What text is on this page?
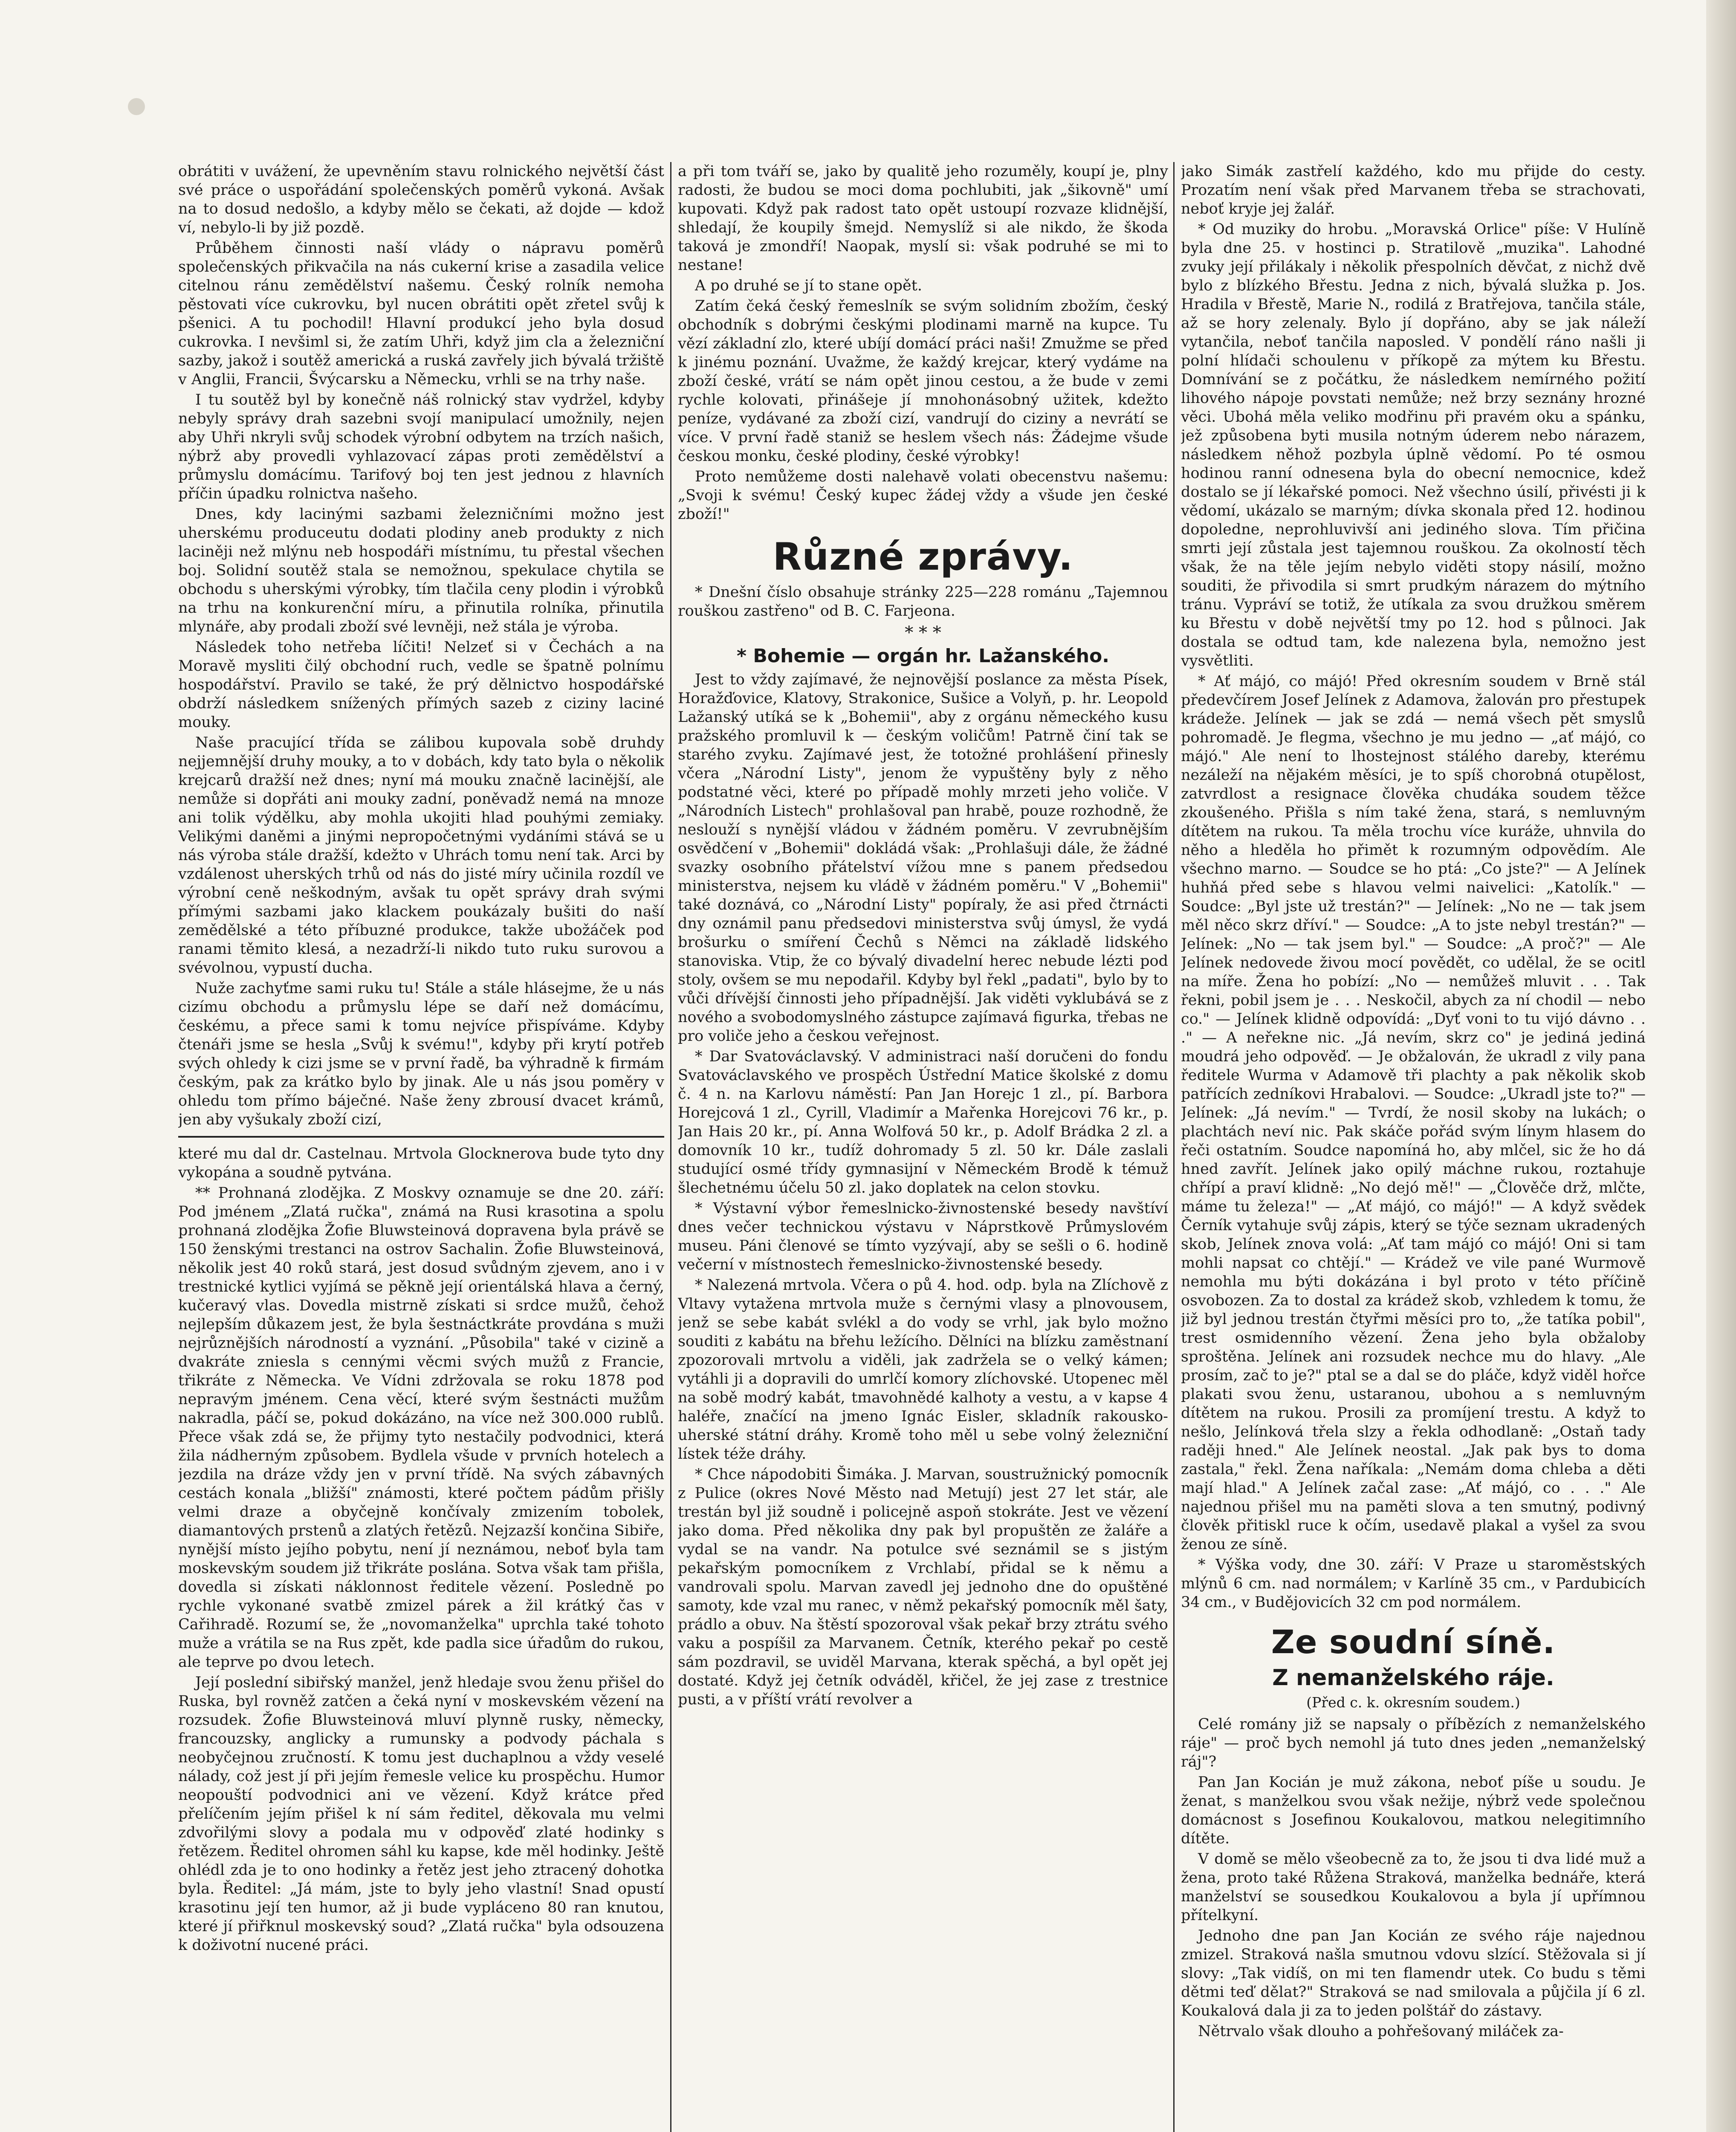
obrátiti v uvážení, že upevněním stavu rolnického největší část své práce o uspořádání společenských poměrů vykoná. Avšak na to dosud nedošlo, a kdyby mělo se čekati, až dojde — kdož ví, nebylo-li by již pozdě.

Průběhem činnosti naší vlády o nápravu poměrů společenských přikvačila na nás cukerní krise a zasadila velice citelnou ránu zemědělství našemu. Český rolník nemoha pěstovati více cukrovku, byl nucen obrátiti opět zřetel svůj k pšenici. A tu pochodil! Hlavní produkcí jeho byla dosud cukrovka. I nevšiml si, že zatím Uhři, když jim cla a železniční sazby, jakož i soutěž americká a ruská zavřely jich bývalá tržiště v Anglii, Francii, Švýcarsku a Německu, vrhli se na trhy naše.

I tu soutěž byl by konečně náš rolnický stav vydržel, kdyby nebyly správy drah sazebni svojí manipulací umožnily, nejen aby Uhři nkryli svůj schodek výrobní odbytem na trzích našich, nýbrž aby provedli vyhlazovací zápas proti zemědělství a průmyslu domácímu. Tarifový boj ten jest jednou z hlavních příčin úpadku rolnictva našeho.

Dnes, kdy lacinými sazbami železničními možno jest uherskému produceutu dodati plodiny aneb produkty z nich laciněji než mlýnu neb hospodáři místnímu, tu přestal všechen boj. Solidní soutěž stala se nemožnou, spekulace chytila se obchodu s uherskými výrobky, tím tlačila ceny plodin i výrobků na trhu na konkurenční míru, a přinutila rolníka, přinutila mlynáře, aby prodali zboží své levněji, než stála je výroba.

Následek toho netřeba líčiti! Nelzeť si v Čechách a na Moravě mysliti čilý obchodní ruch, vedle se špatně polnímu hospodářství. Pravilo se také, že prý dělnictvo hospodářské obdrží následkem snížených přímých sazeb z ciziny laciné mouky.

Naše pracující třída se zálibou kupovala sobě druhdy nejjemnější druhy mouky, a to v dobách, kdy tato byla o několik krejcarů dražší než dnes; nyní má mouku značně lacinější, ale nemůže si dopřáti ani mouky zadní, poněvadž nemá na mnoze ani tolik výdělku, aby mohla ukojiti hlad pouhými zemiaky. Velikými daněmi a jinými nepropočetnými vydáními stává se u nás výroba stále dražší, kdežto v Uhrách tomu není tak. Arci by vzdálenost uherských trhů od nás do jisté míry učinila rozdíl ve výrobní ceně neškodným, avšak tu opět správy drah svými přímými sazbami jako klackem poukázaly bušiti do naší zemědělské a této příbuzné produkce, takže ubožáček pod ranami těmito klesá, a nezadrží-li nikdo tuto ruku surovou a svévolnou, vypustí ducha.

Nuže zachyťme sami ruku tu! Stále a stále hlásejme, že u nás cizímu obchodu a průmyslu lépe se daří než domácímu, českému, a přece sami k tomu nejvíce přispíváme. Kdyby čtenáři jsme se hesla „Svůj k svému!", kdyby při krytí potřeb svých ohledy k cizi jsme se v první řadě, ba výhradně k firmám českým, pak za krátko bylo by jinak. Ale u nás jsou poměry v ohledu tom přímo báječné. Naše ženy zbrousí dvacet krámů, jen aby vyšukaly zboží cizí,

které mu dal dr. Castelnau. Mrtvola Glocknerova bude tyto dny vykopána a soudně pytvána.

** Prohnaná zlodějka. Z Moskvy oznamuje se dne 20. září: Pod jménem „Zlatá ručka", známá na Rusi krasotina a spolu prohnaná zlodějka Žofie Bluwsteinová dopravena byla právě se 150 ženskými trestanci na ostrov Sachalin. Žofie Bluwsteinová, několik jest 40 roků stará, jest dosud svůdným zjevem, ano i v trestnické kytlici vyjímá se pěkně její orientálská hlava a černý, kučeravý vlas. Dovedla mistrně získati si srdce mužů, čehož nejlepším důkazem jest, že byla šestnáctkráte provdána s muži nejrůznějších národností a vyznání. „Působila" také v cizině a dvakráte zniesla s cennými věcmi svých mužů z Francie, třikráte z Německa. Ve Vídni zdržovala se roku 1878 pod nepravým jménem. Cena věcí, které svým šestnácti mužům nakradla, páčí se, pokud dokázáno, na více než 300.000 rublů. Přece však zdá se, že přijmy tyto nestačily podvodnici, která žila nádherným způsobem. Bydlela všude v prvních hotelech a jezdila na dráze vždy jen v první třídě. Na svých zábavných cestách konala „bližší" známosti, které počtem pádům přišly velmi draze a obyčejně končívaly zmizením tobolek, diamantových prstenů a zlatých řetězů. Nejzazší končina Sibiře, nynější místo jejího pobytu, není jí neznámou, neboť byla tam moskevským soudem již třikráte poslána. Sotva však tam přišla, dovedla si získati náklonnost ředitele vězení. Posledně po rychle vykonané svatbě zmizel párek a žil krátký čas v Cařihradě. Rozumí se, že „novomanželka" uprchla také tohoto muže a vrátila se na Rus zpět, kde padla sice úřadům do rukou, ale teprve po dvou letech.

Její poslední sibiřský manžel, jenž hledaje svou ženu přišel do Ruska, byl rovněž zatčen a čeká nyní v moskevském vězení na rozsudek. Žofie Bluwsteinová mluví plynně rusky, německy, francouzsky, anglicky a rumunsky a podvody páchala s neobyčejnou zručností. K tomu jest duchaplnou a vždy veselé nálady, což jest jí při jejím řemesle velice ku prospěchu. Humor neopouští podvodnici ani ve vězení. Když krátce před přelíčením jejím přišel k ní sám ředitel, děkovala mu velmi zdvořilými slovy a podala mu v odpověď zlaté hodinky s řetězem. Ředitel ohromen sáhl ku kapse, kde měl hodinky. Ještě ohlédl zda je to ono hodinky a řetěz jest jeho ztracený dohotka byla. Ředitel: „Já mám, jste to byly jeho vlastní! Snad opustí krasotinu její ten humor, až ji bude vypláceno 80 ran knutou, které jí přiřknul moskevský soud? „Zlatá ručka" byla odsouzena k doživotní nucené práci.

a při tom tváří se, jako by qualitě jeho rozuměly, koupí je, plny radosti, že budou se moci doma pochlubiti, jak „šikovně" umí kupovati. Když pak radost tato opět ustoupí rozvaze klidnější, shledají, že koupily šmejd. Nemyslíž si ale nikdo, že škoda taková je zmondří! Naopak, myslí si: však podruhé se mi to nestane!

A po druhé se jí to stane opět.

Zatím čeká český řemeslník se svým solidním zbožím, český obchodník s dobrými českými plodinami marně na kupce. Tu vězí základní zlo, které ubíjí domácí práci naši! Zmužme se před k jinému poznání. Uvažme, že každý krejcar, který vydáme na zboží české, vrátí se nám opět jinou cestou, a že bude v zemi rychle kolovati, přinášeje jí mnohonásobný užitek, kdežto peníze, vydávané za zboží cizí, vandrují do ciziny a nevrátí se více. V první řadě staniž se heslem všech nás: Žádejme všude českou monku, české plodiny, české výrobky!

Proto nemůžeme dosti nalehavě volati obecenstvu našemu: „Svoji k svému! Český kupec žádej vždy a všude jen české zboží!"

Různé zprávy.

* Dnešní číslo obsahuje stránky 225—228 románu „Tajemnou rouškou zastřeno" od B. C. Farjeona.

* * *
* Bohemie — orgán hr. Lažanského.

Jest to vždy zajímavé, že nejnovější poslance za města Písek, Horažďovice, Klatovy, Strakonice, Sušice a Volyň, p. hr. Leopold Lažanský utíká se k „Bohemii", aby z orgánu německého kusu pražského promluvil k — českým voličům! Patrně činí tak se starého zvyku. Zajímavé jest, že totožné prohlášení přinesly včera „Národní Listy", jenom že vypuštěny byly z něho podstatné věci, které po případě mohly mrzeti jeho voliče. V „Národních Listech" prohlašoval pan hrabě, pouze rozhodně, že neslouží s nynější vládou v žádném poměru. V zevrubnějším osvědčení v „Bohemii" dokládá však: „Prohlašuji dále, že žádné svazky osobního přátelství vížou mne s panem předsedou ministerstva, nejsem ku vládě v žádném poměru." V „Bohemii" také doznává, co „Národní Listy" popíraly, že asi před čtrnácti dny oznámil panu předsedovi ministerstva svůj úmysl, že vydá brošurku o smíření Čechů s Němci na základě lidského stanoviska. Vtip, že co bývalý divadelní herec nebude lézti pod stoly, ovšem se mu nepodařil. Kdyby byl řekl „padati", bylo by to vůči dřívější činnosti jeho případnější. Jak viděti vyklubává se z nového a svobodomyslného zástupce zajímavá figurka, třebas ne pro voliče jeho a českou veřejnost.

* Dar Svatováclavský. V administraci naší doručeni do fondu Svatováclavského ve prospěch Ústřední Matice školské z domu č. 4 n. na Karlovu náměstí: Pan Jan Horejc 1 zl., pí. Barbora Horejcová 1 zl., Cyrill, Vladimír a Mařenka Horejcovi 76 kr., p. Jan Hais 20 kr., pí. Anna Wolfová 50 kr., p. Adolf Brádka 2 zl. a domovník 10 kr., tudíž dohromady 5 zl. 50 kr. Dále zaslali studující osmé třídy gymnasijní v Německém Brodě k témuž šlechetnému účelu 50 zl. jako doplatek na celon stovku.

* Výstavní výbor řemeslnicko-živnostenské besedy navštíví dnes večer technickou výstavu v Náprstkově Průmyslovém museu. Páni členové se tímto vyzývají, aby se sešli o 6. hodině večerní v místnostech řemeslnicko-živnostenské besedy.

* Nalezená mrtvola. Včera o pů 4. hod. odp. byla na Zlíchově z Vltavy vytažena mrtvola muže s černými vlasy a plnovousem, jenž se sebe kabát svlékl a do vody se vrhl, jak bylo možno souditi z kabátu na břehu ležícího. Dělníci na blízku zaměstnaní zpozorovali mrtvolu a viděli, jak zadržela se o velký kámen; vytáhli ji a dopravili do umrlčí komory zlíchovské. Utopenec měl na sobě modrý kabát, tmavohnědé kalhoty a vestu, a v kapse 4 haléře, značící na jmeno Ignác Eisler, skladník rakousko-uherské státní dráhy. Kromě toho měl u sebe volný železniční lístek téže dráhy.

* Chce nápodobiti Šimáka. J. Marvan, soustružnický pomocník z Pulice (okres Nové Město nad Metují) jest 27 let stár, ale trestán byl již soudně i policejně aspoň stokráte. Jest ve vězení jako doma. Před několika dny pak byl propuštěn ze žaláře a vydal se na vandr. Na potulce své seznámil se s jistým pekařským pomocníkem z Vrchlabí, přidal se k němu a vandrovali spolu. Marvan zavedl jej jednoho dne do opuštěné samoty, kde vzal mu ranec, v němž pekařský pomocník měl šaty, prádlo a obuv. Na štěstí spozoroval však pekař brzy ztrátu svého vaku a pospíšil za Marvanem. Četník, kterého pekař po cestě sám pozdravil, se uviděl Marvana, kterak spěchá, a byl opět jej dostaté. Když jej četník odváděl, křičel, že jej zase z trestnice pusti, a v příští vrátí revolver a

jako Simák zastřelí každého, kdo mu přijde do cesty. Prozatím není však před Marvanem třeba se strachovati, neboť kryje jej žalář.

* Od muziky do hrobu. „Moravská Orlice" píše: V Hulíně byla dne 25. v hostinci p. Stratilově „muzika". Lahodné zvuky její přilákaly i několik přespolních děvčat, z nichž dvě bylo z blízkého Břestu. Jedna z nich, bývalá služka p. Jos. Hradila v Břestě, Marie N., rodilá z Bratřejova, tančila stále, až se hory zelenaly. Bylo jí dopřáno, aby se jak náleží vytančila, neboť tančila naposled. V pondělí ráno našli ji polní hlídači schoulenu v příkopě za mýtem ku Břestu. Domnívání se z počátku, že následkem nemírného požití lihového nápoje povstati nemůže; než brzy seznány hrozné věci. Ubohá měla veliko modřinu při pravém oku a spánku, jež způsobena byti musila notným úderem nebo nárazem, následkem něhož pozbyla úplně vědomí. Po té osmou hodinou ranní odnesena byla do obecní nemocnice, kdež dostalo se jí lékařské pomoci. Než všechno úsilí, přivésti ji k vědomí, ukázalo se marným; dívka skonala před 12. hodinou dopoledne, neprohluvivší ani jediného slova. Tím přičina smrti její zůstala jest tajemnou rouškou. Za okolností těch však, že na těle jejím nebylo viděti stopy násilí, možno souditi, že přivodila si smrt prudkým nárazem do mýtního tránu. Vypráví se totiž, že utíkala za svou družkou směrem ku Břestu v době největší tmy po 12. hod s půlnoci. Jak dostala se odtud tam, kde nalezena byla, nemožno jest vysvětliti.

* Ať májó, co májó! Před okresním soudem v Brně stál předevčírem Josef Jelínek z Adamova, žalován pro přestupek krádeže. Jelínek — jak se zdá — nemá všech pět smyslů pohromadě. Je flegma, všechno je mu jedno — „ať májó, co májó." Ale není to lhostejnost stálého dareby, kterému nezáleží na nějakém měsíci, je to spíš chorobná otupělost, zatvrdlost a resignace člověka chudáka soudem těžce zkoušeného. Přišla s ním také žena, stará, s nemluvným dítětem na rukou. Ta měla trochu více kuráže, uhnvila do něho a hleděla ho přimět k rozumným odpovědím. Ale všechno marno. — Soudce se ho ptá: „Co jste?" — A Jelínek huhňá před sebe s hlavou velmi naivelici: „Katolík." — Soudce: „Byl jste už trestán?" — Jelínek: „No ne — tak jsem měl něco skrz dříví." — Soudce: „A to jste nebyl trestán?" — Jelínek: „No — tak jsem byl." — Soudce: „A proč?" — Ale Jelínek nedovede živou mocí povědět, co udělal, že se ocitl na míře. Žena ho pobízí: „No — nemůžeš mluvit . . . Tak řekni, pobil jsem je . . . Neskočil, abych za ní chodil — nebo co." — Jelínek klidně odpovídá: „Dyť voni to tu vijó dávno . . ." — A neřekne nic. „Já nevím, skrz co" je jediná jediná moudrá jeho odpověď. — Je obžalován, že ukradl z vily pana ředitele Wurma v Adamově tři plachty a pak několik skob patřících zedníkovi Hrabalovi. — Soudce: „Ukradl jste to?" — Jelínek: „Já nevím." — Tvrdí, že nosil skoby na lukách; o plachtách neví nic. Pak skáče pořád svým línym hlasem do řeči ostatním. Soudce napomíná ho, aby mlčel, sic že ho dá hned zavřít. Jelínek jako opilý máchne rukou, roztahuje chřípí a praví klidně: „No dejó mě!" — „Člověče drž, mlčte, máme tu železa!" — „Ať májó, co májó!" — A když svědek Černík vytahuje svůj zápis, který se týče seznam ukradených skob, Jelínek znova volá: „Ať tam májó co májó! Oni si tam mohli napsat co chtějí." — Krádež ve vile pané Wurmově nemohla mu býti dokázána i byl proto v této příčině osvobozen. Za to dostal za krádež skob, vzhledem k tomu, že již byl jednou trestán čtyřmi měsíci pro to, „že tatíka pobil", trest osmidenního vězení. Žena jeho byla obžaloby sproštěna. Jelínek ani rozsudek nechce mu do hlavy. „Ale prosím, zač to je?" ptal se a dal se do pláče, když viděl hořce plakati svou ženu, ustaranou, ubohou a s nemluvným dítětem na rukou. Prosili za promíjení trestu. A když to nešlo, Jelínková třela slzy a řekla odhodlaně: „Ostaň tady raději hned." Ale Jelínek neostal. „Jak pak bys to doma zastala," řekl. Žena naříkala: „Nemám doma chleba a děti mají hlad." A Jelínek začal zase: „Ať májó, co . . ." Ale najednou přišel mu na paměti slova a ten smutný, podivný člověk přitiskl ruce k očím, usedavě plakal a vyšel za svou ženou ze síně.

* Výška vody, dne 30. září: V Praze u staroměstských mlýnů 6 cm. nad normálem; v Karlíně 35 cm., v Pardubicích 34 cm., v Budějovicích 32 cm pod normálem.

Ze soudní síně.
Z nemanželského ráje.
(Před c. k. okresním soudem.)

Celé romány již se napsaly o příbězích z nemanželského ráje" — proč bych nemohl já tuto dnes jeden „nemanželský ráj"?

Pan Jan Kocián je muž zákona, neboť píše u soudu. Je ženat, s manželkou svou však nežije, nýbrž vede společnou domácnost s Josefinou Koukalovou, matkou nelegitimního dítěte.

V domě se mělo všeobecně za to, že jsou ti dva lidé muž a žena, proto také Růžena Straková, manželka bednáře, která manželství se sousedkou Koukalovou a byla jí upřímnou přítelkyní.

Jednoho dne pan Jan Kocián ze svého ráje najednou zmizel. Straková našla smutnou vdovu slzící. Stěžovala si jí slovy: „Tak vidíš, on mi ten flamendr utek. Co budu s těmi dětmi teď dělat?" Straková se nad smilovala a půjčila jí 6 zl. Koukalová dala ji za to jeden polštář do zástavy.

Nětrvalo však dlouho a pohřešovaný miláček za-
